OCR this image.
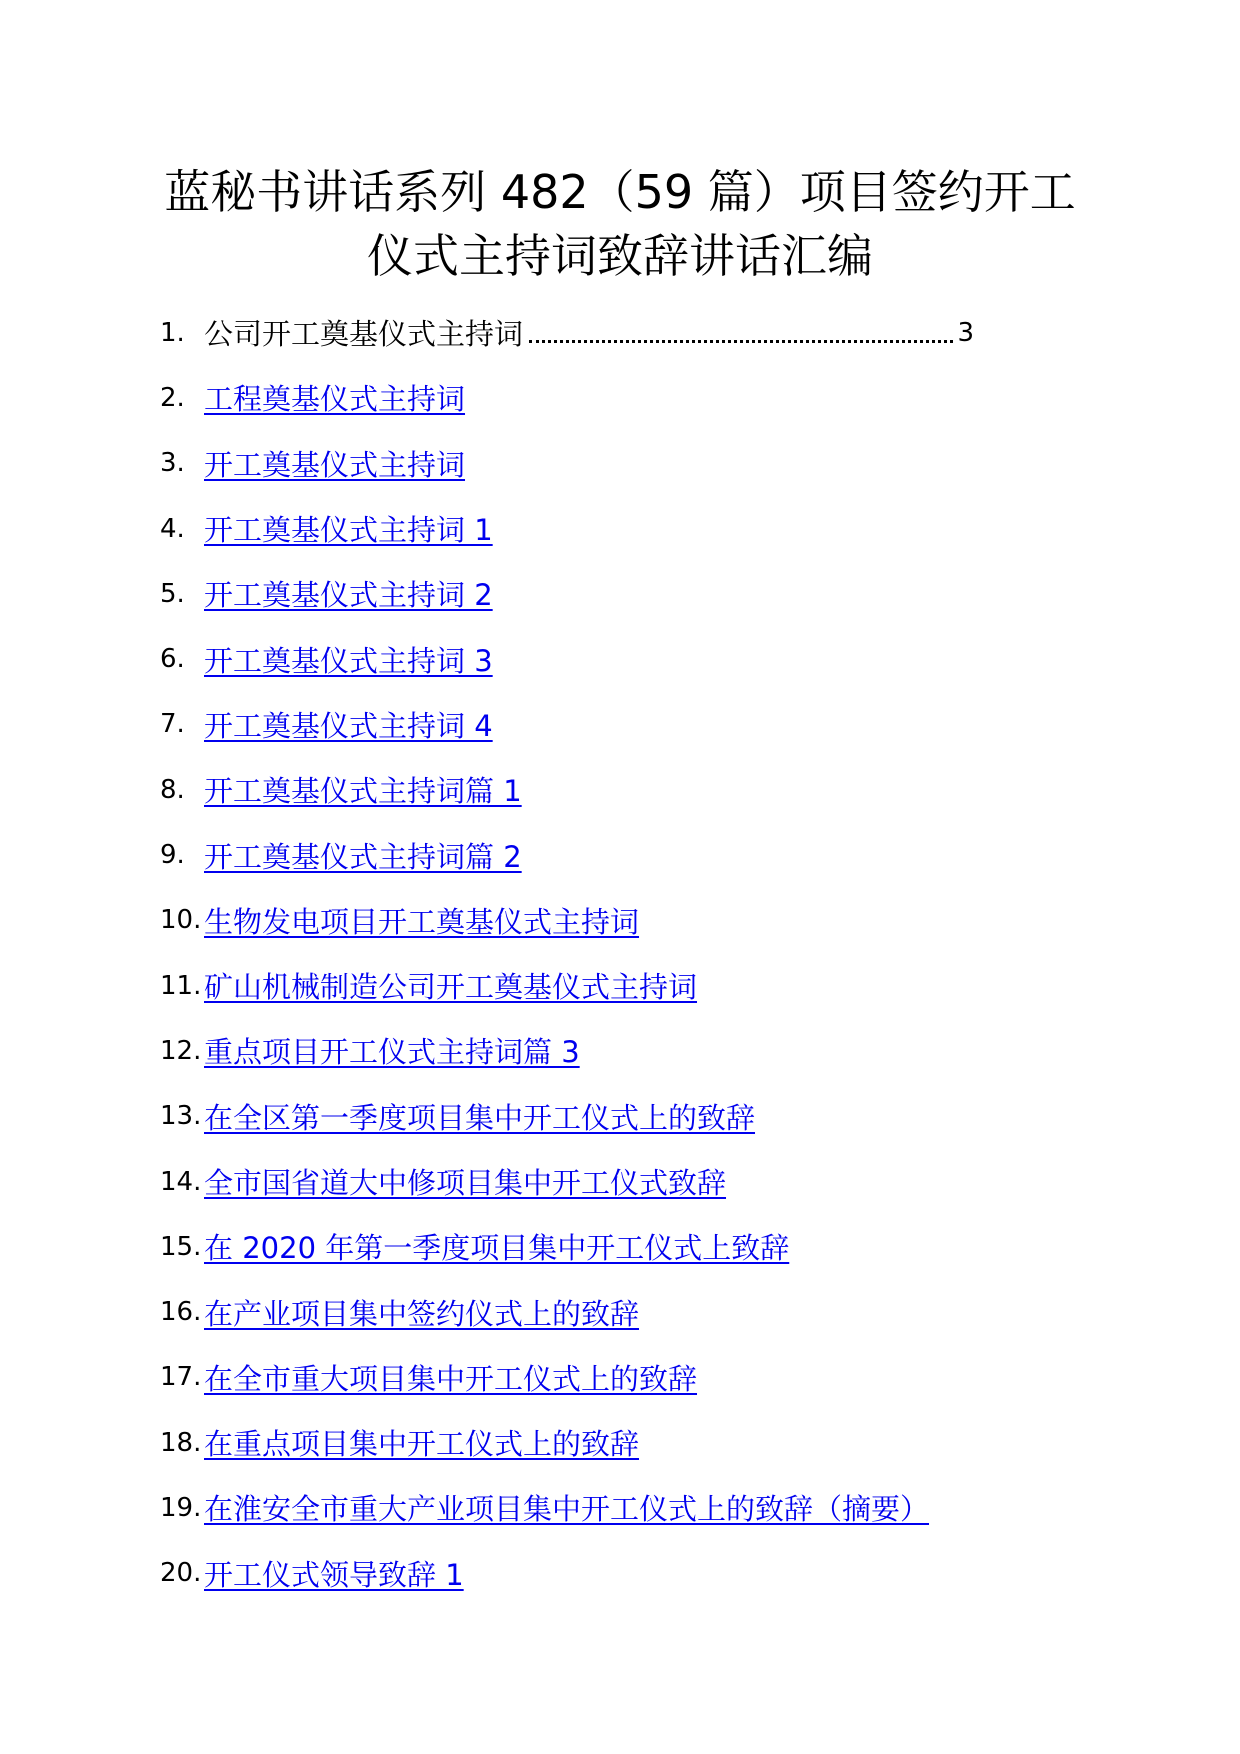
蓝秘书讲话系列 482（59 篇）项目签约开工
仪式主持词致辞讲话汇编
1. 公司开工奠基仪式主持词	3
2. 工程奠基仪式主持词
3. 开工奠基仪式主持词
4. 开工奠基仪式主持词 1
5. 开工奠基仪式主持词 2
6. 开工奠基仪式主持词 3
7. 开工奠基仪式主持词 4
8. 开工奠基仪式主持词篇 1
9. 开工奠基仪式主持词篇 2
10. 生物发电项目开工奠基仪式主持词
11. 矿山机械制造公司开工奠基仪式主持词
12. 重点项目开工仪式主持词篇 3
13. 在全区第一季度项目集中开工仪式上的致辞
14. 全市国省道大中修项目集中开工仪式致辞
15. 在 2020 年第一季度项目集中开工仪式上致辞
16. 在产业项目集中签约仪式上的致辞
17. 在全市重大项目集中开工仪式上的致辞
18. 在重点项目集中开工仪式上的致辞
19. 在淮安全市重大产业项目集中开工仪式上的致辞（摘要）
20. 开工仪式领导致辞 1
